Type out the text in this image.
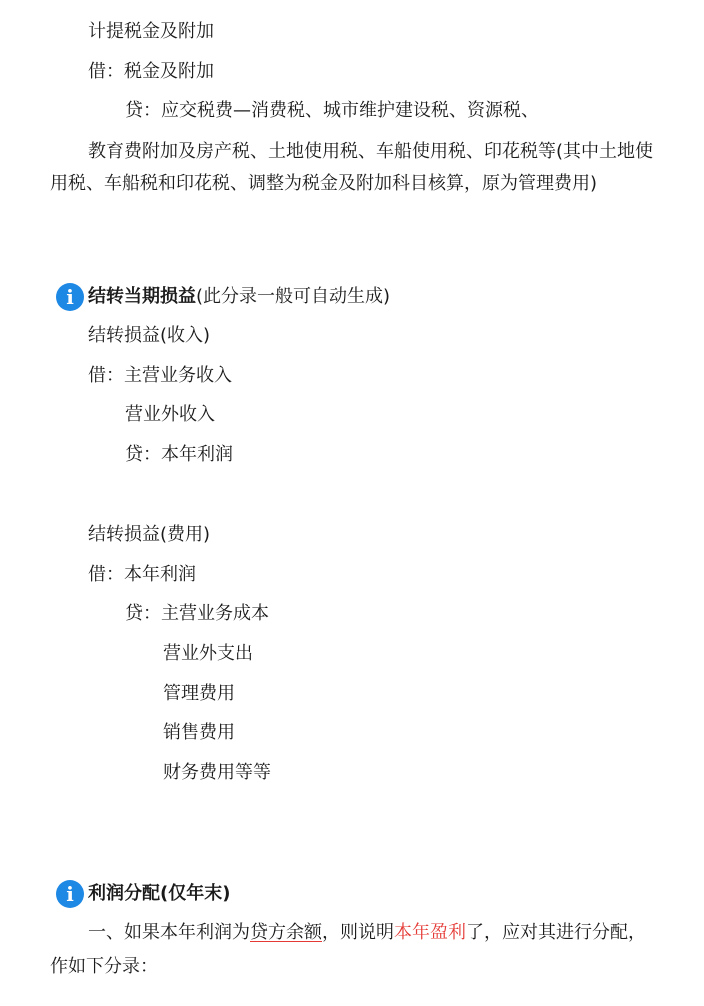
计提税金及附加
借：税金及附加
贷：应交税费—消费税、城市维护建设税、资源税、
教育费附加及房产税、土地使用税、车船使用税、印花税等(其中土地使
用税、车船税和印花税、调整为税金及附加科目核算，原为管理费用)
i 结转当期损益 (此分录一般可自动生成)
结转损益(收入)
借：主营业务收入
营业外收入
贷：本年利润
结转损益(费用)
借：本年利润
贷：主营业务成本
营业外支出
管理费用
销售费用
财务费用等等
i 利润分配(仅年末)
一、如果本年利润为贷方余额，则说明本年盈利了，应对其进行分配，
作如下分录：
